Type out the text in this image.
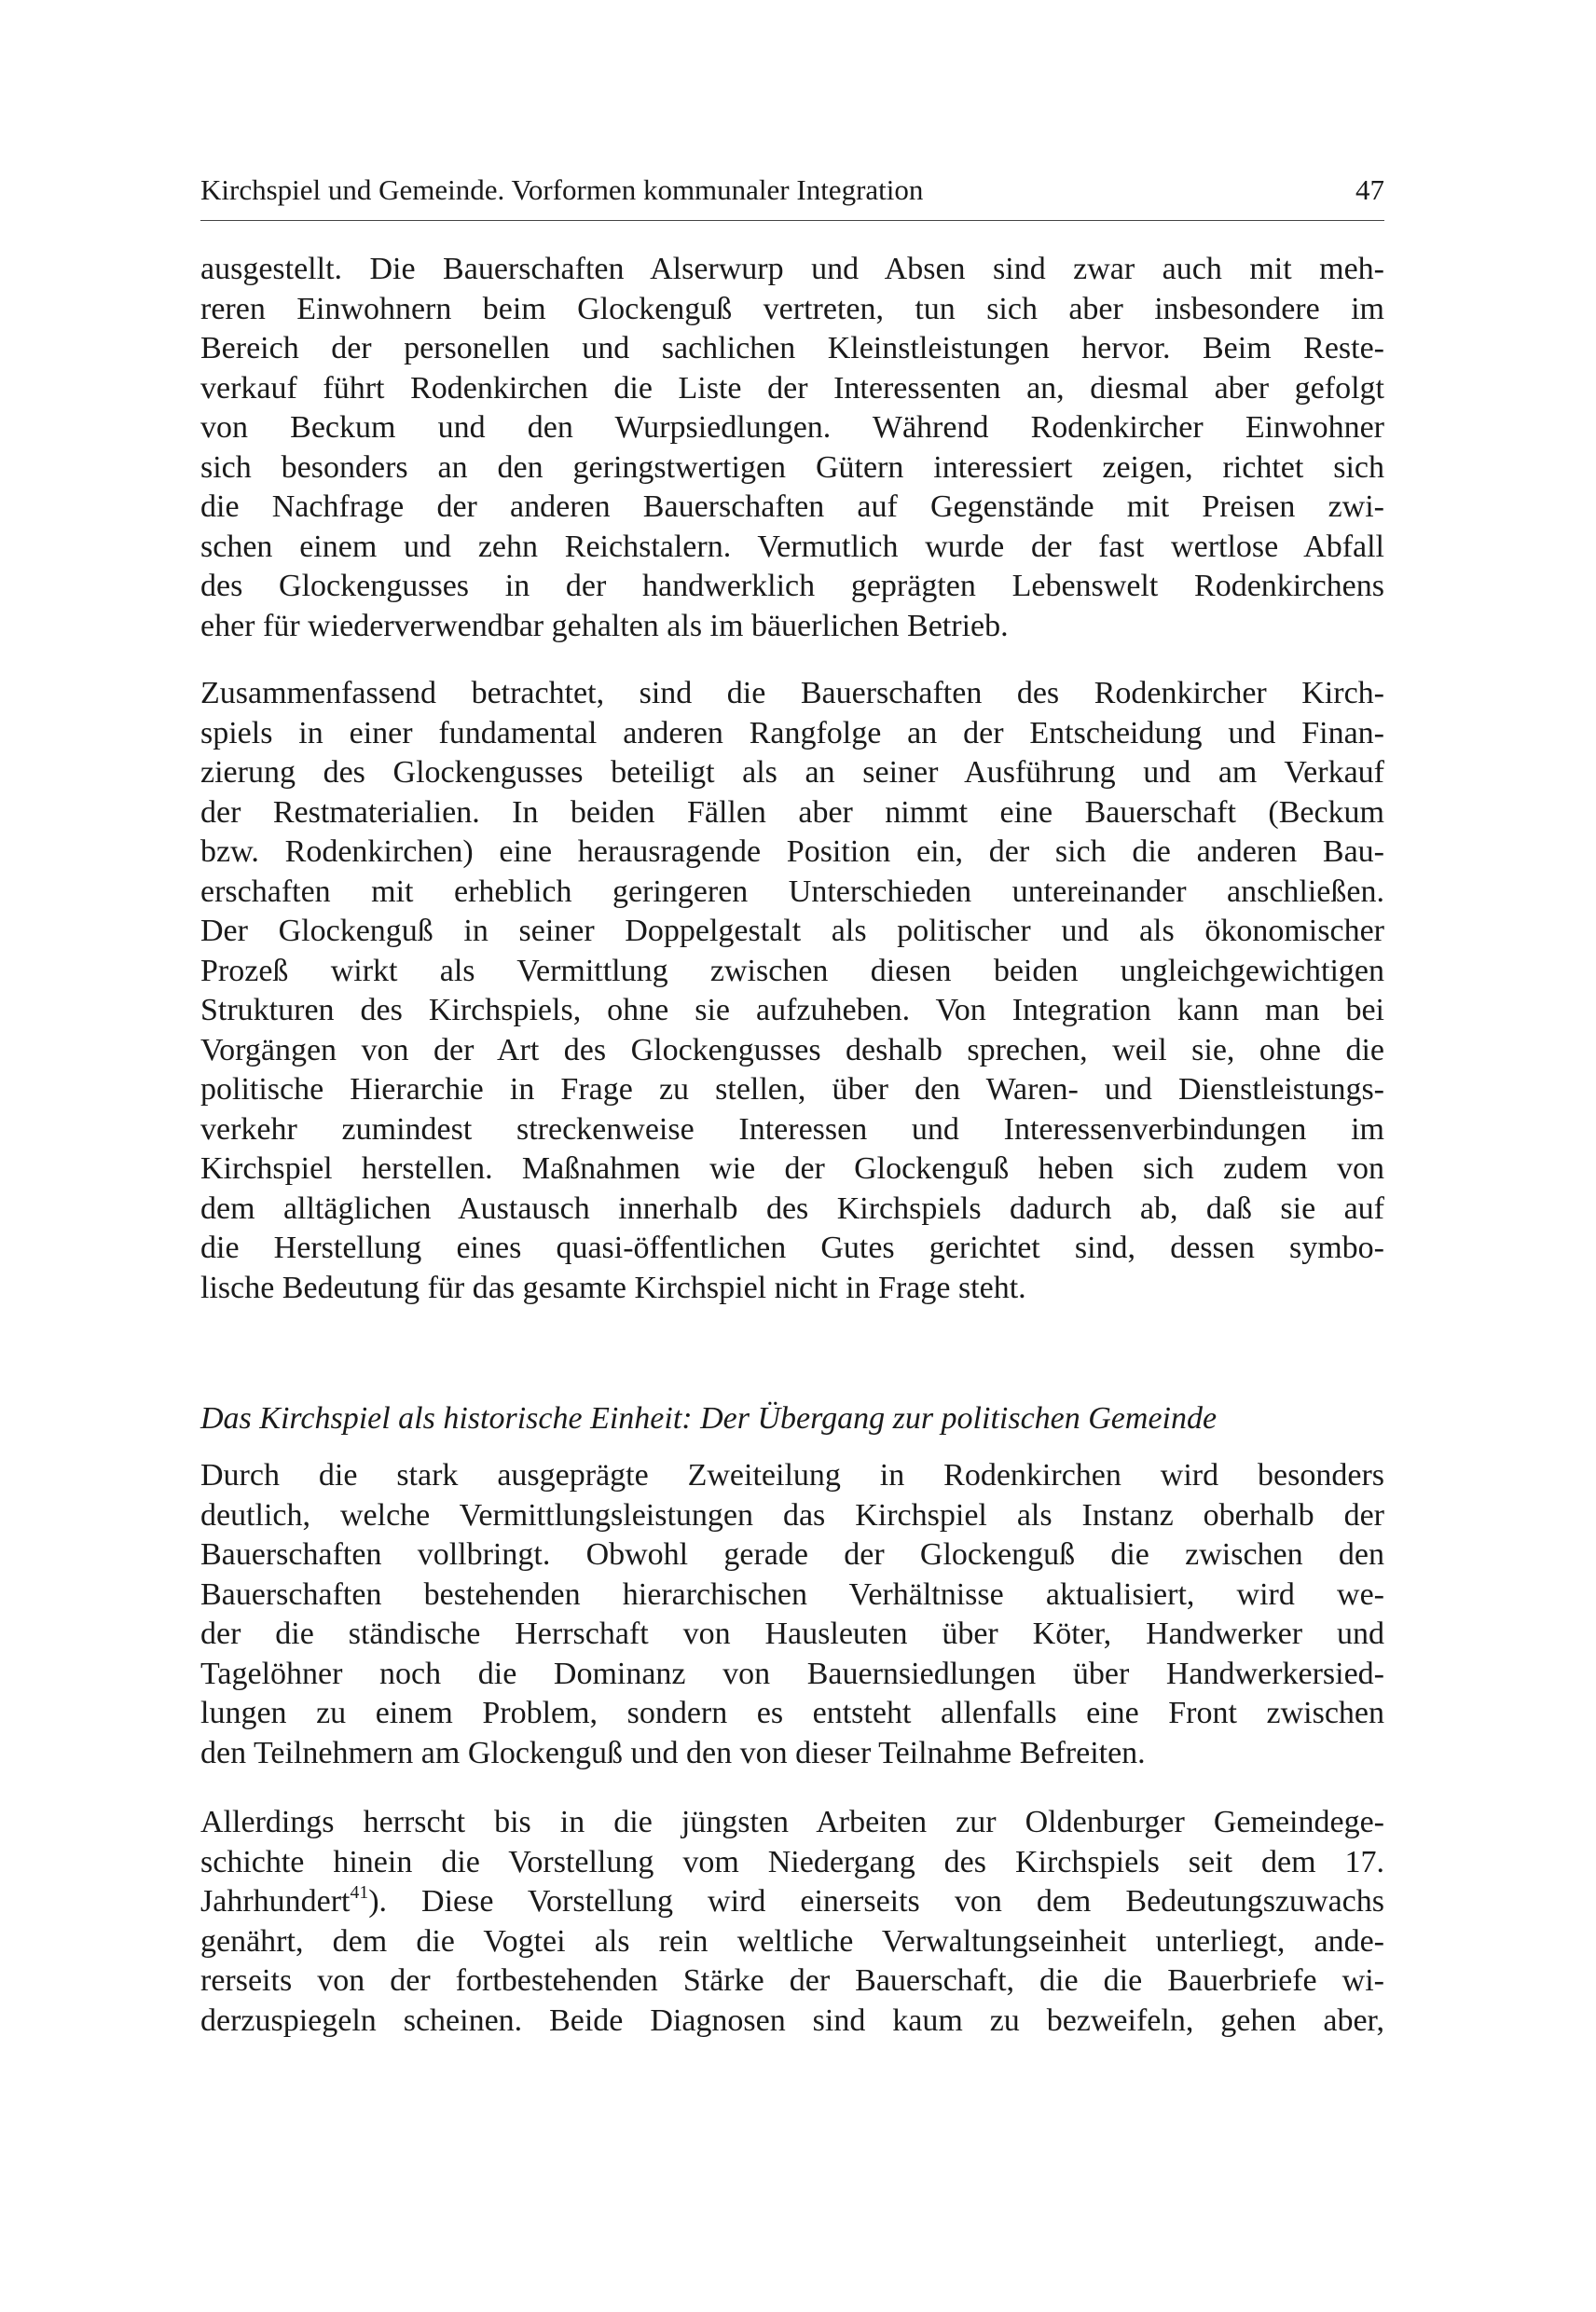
Kirchspiel und Gemeinde. Vorformen kommunaler Integration	47
ausgestellt. Die Bauerschaften Alserwurp und Absen sind zwar auch mit meh-
reren Einwohnern beim Glockenguß vertreten, tun sich aber insbesondere im
Bereich der personellen und sachlichen Kleinstleistungen hervor. Beim Reste-
verkauf führt Rodenkirchen die Liste der Interessenten an, diesmal aber gefolgt
von Beckum und den Wurpsiedlungen. Während Rodenkircher Einwohner
sich besonders an den geringstwertigen Gütern interessiert zeigen, richtet sich
die Nachfrage der anderen Bauerschaften auf Gegenstände mit Preisen zwi-
schen einem und zehn Reichstalern. Vermutlich wurde der fast wertlose Abfall
des Glockengusses in der handwerklich geprägten Lebenswelt Rodenkirchens
eher für wiederverwendbar gehalten als im bäuerlichen Betrieb.
Zusammenfassend betrachtet, sind die Bauerschaften des Rodenkircher Kirch-
spiels in einer fundamental anderen Rangfolge an der Entscheidung und Finan-
zierung des Glockengusses beteiligt als an seiner Ausführung und am Verkauf
der Restmaterialien. In beiden Fällen aber nimmt eine Bauerschaft (Beckum
bzw. Rodenkirchen) eine herausragende Position ein, der sich die anderen Bau-
erschaften mit erheblich geringeren Unterschieden untereinander anschließen.
Der Glockenguß in seiner Doppelgestalt als politischer und als ökonomischer
Prozeß wirkt als Vermittlung zwischen diesen beiden ungleichgewichtigen
Strukturen des Kirchspiels, ohne sie aufzuheben. Von Integration kann man bei
Vorgängen von der Art des Glockengusses deshalb sprechen, weil sie, ohne die
politische Hierarchie in Frage zu stellen, über den Waren- und Dienstleistungs-
verkehr zumindest streckenweise Interessen und Interessenverbindungen im
Kirchspiel herstellen. Maßnahmen wie der Glockenguß heben sich zudem von
dem alltäglichen Austausch innerhalb des Kirchspiels dadurch ab, daß sie auf
die Herstellung eines quasi-öffentlichen Gutes gerichtet sind, dessen symbo-
lische Bedeutung für das gesamte Kirchspiel nicht in Frage steht.
Das Kirchspiel als historische Einheit: Der Übergang zur politischen Gemeinde
Durch die stark ausgeprägte Zweiteilung in Rodenkirchen wird besonders
deutlich, welche Vermittlungsleistungen das Kirchspiel als Instanz oberhalb der
Bauerschaften vollbringt. Obwohl gerade der Glockenguß die zwischen den
Bauerschaften bestehenden hierarchischen Verhältnisse aktualisiert, wird we-
der die ständische Herrschaft von Hausleuten über Köter, Handwerker und
Tagelöhner noch die Dominanz von Bauernsiedlungen über Handwerkersied-
lungen zu einem Problem, sondern es entsteht allenfalls eine Front zwischen
den Teilnehmern am Glockenguß und den von dieser Teilnahme Befreiten.
Allerdings herrscht bis in die jüngsten Arbeiten zur Oldenburger Gemeindege-
schichte hinein die Vorstellung vom Niedergang des Kirchspiels seit dem 17.
Jahrhundert$^{41}$). Diese Vorstellung wird einerseits von dem Bedeutungszuwachs
genährt, dem die Vogtei als rein weltliche Verwaltungseinheit unterliegt, ande-
rerseits von der fortbestehenden Stärke der Bauerschaft, die die Bauerbriefe wi-
derzuspiegeln scheinen. Beide Diagnosen sind kaum zu bezweifeln, gehen aber,
